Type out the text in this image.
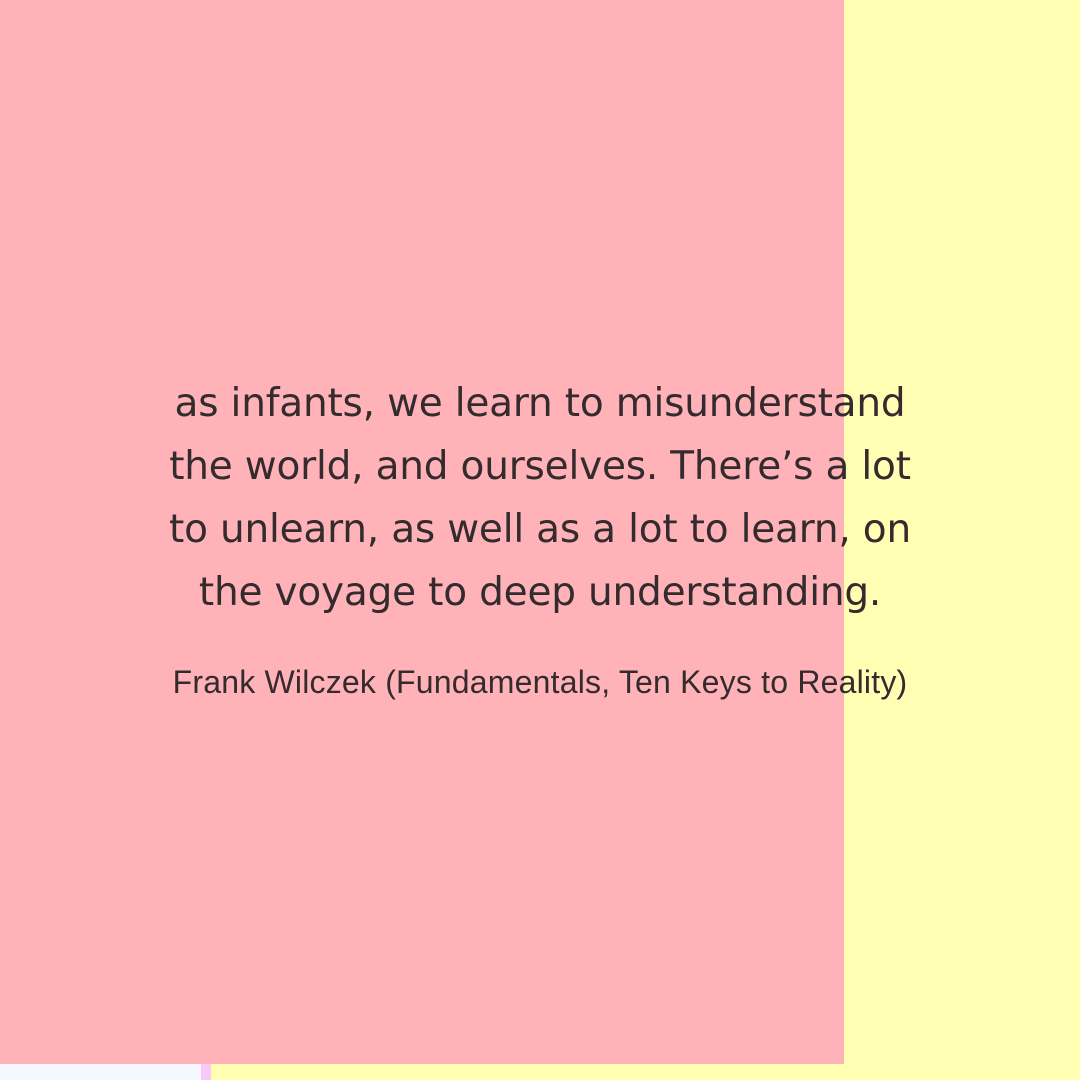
as infants, we learn to misunderstand
the world, and ourselves. There’s a lot
to unlearn, as well as a lot to learn, on
the voyage to deep understanding.

Frank Wilczek (Fundamentals, Ten Keys to Reality)
